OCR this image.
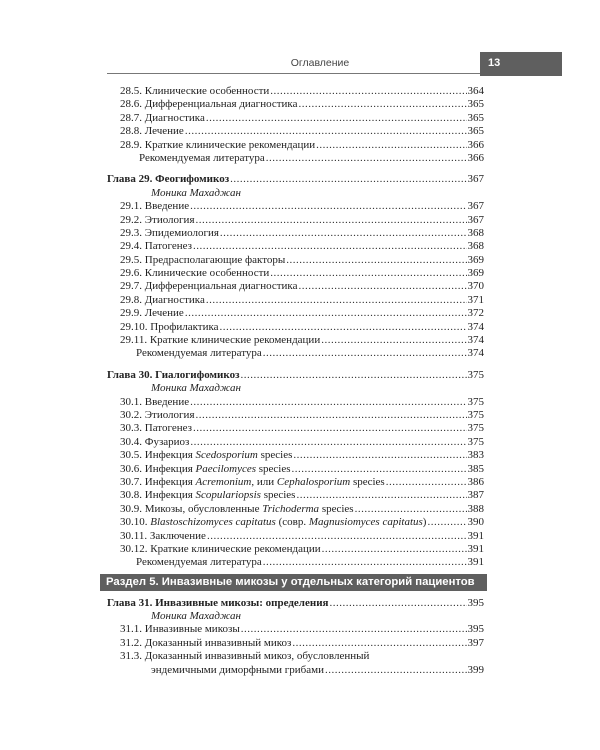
Оглавление	13
28.5. Клинические особенности .....	364
28.6. Дифференциальная диагностика .....	365
28.7. Диагностика .....	365
28.8. Лечение .....	365
28.9. Краткие клинические рекомендации .....	366
Рекомендуемая литература .....	366
Глава 29. Феогифомикоз .....	367
Моника Махаджан
29.1. Введение .....	367
29.2. Этиология .....	367
29.3. Эпидемиология .....	368
29.4. Патогенез .....	368
29.5. Предрасполагающие факторы .....	369
29.6. Клинические особенности .....	369
29.7. Дифференциальная диагностика .....	370
29.8. Диагностика .....	371
29.9. Лечение .....	372
29.10. Профилактика .....	374
29.11. Краткие клинические рекомендации .....	374
Рекомендуемая литература .....	374
Глава 30. Гиалогифомикоз .....	375
Моника Махаджан
30.1. Введение .....	375
30.2. Этиология .....	375
30.3. Патогенез .....	375
30.4. Фузариоз .....	375
30.5. Инфекция Scedosporium species .....	383
30.6. Инфекция Paecilomyces species .....	385
30.7. Инфекция Acremonium, или Cephalosporium species .....	386
30.8. Инфекция Scopulariopsis species .....	387
30.9. Микозы, обусловленные Trichoderma species .....	388
30.10. Blastoschizomyces capitatus (совр. Magnusiomyces capitatus) .....	390
30.11. Заключение .....	391
30.12. Краткие клинические рекомендации .....	391
Рекомендуемая литература .....	391
Раздел 5. Инвазивные микозы у отдельных категорий пациентов
Глава 31. Инвазивные микозы: определения .....	395
Моника Махаджан
31.1. Инвазивные микозы .....	395
31.2. Доказанный инвазивный микоз .....	397
31.3. Доказанный инвазивный микоз, обусловленный
эндемичными диморфными грибами .....	399
